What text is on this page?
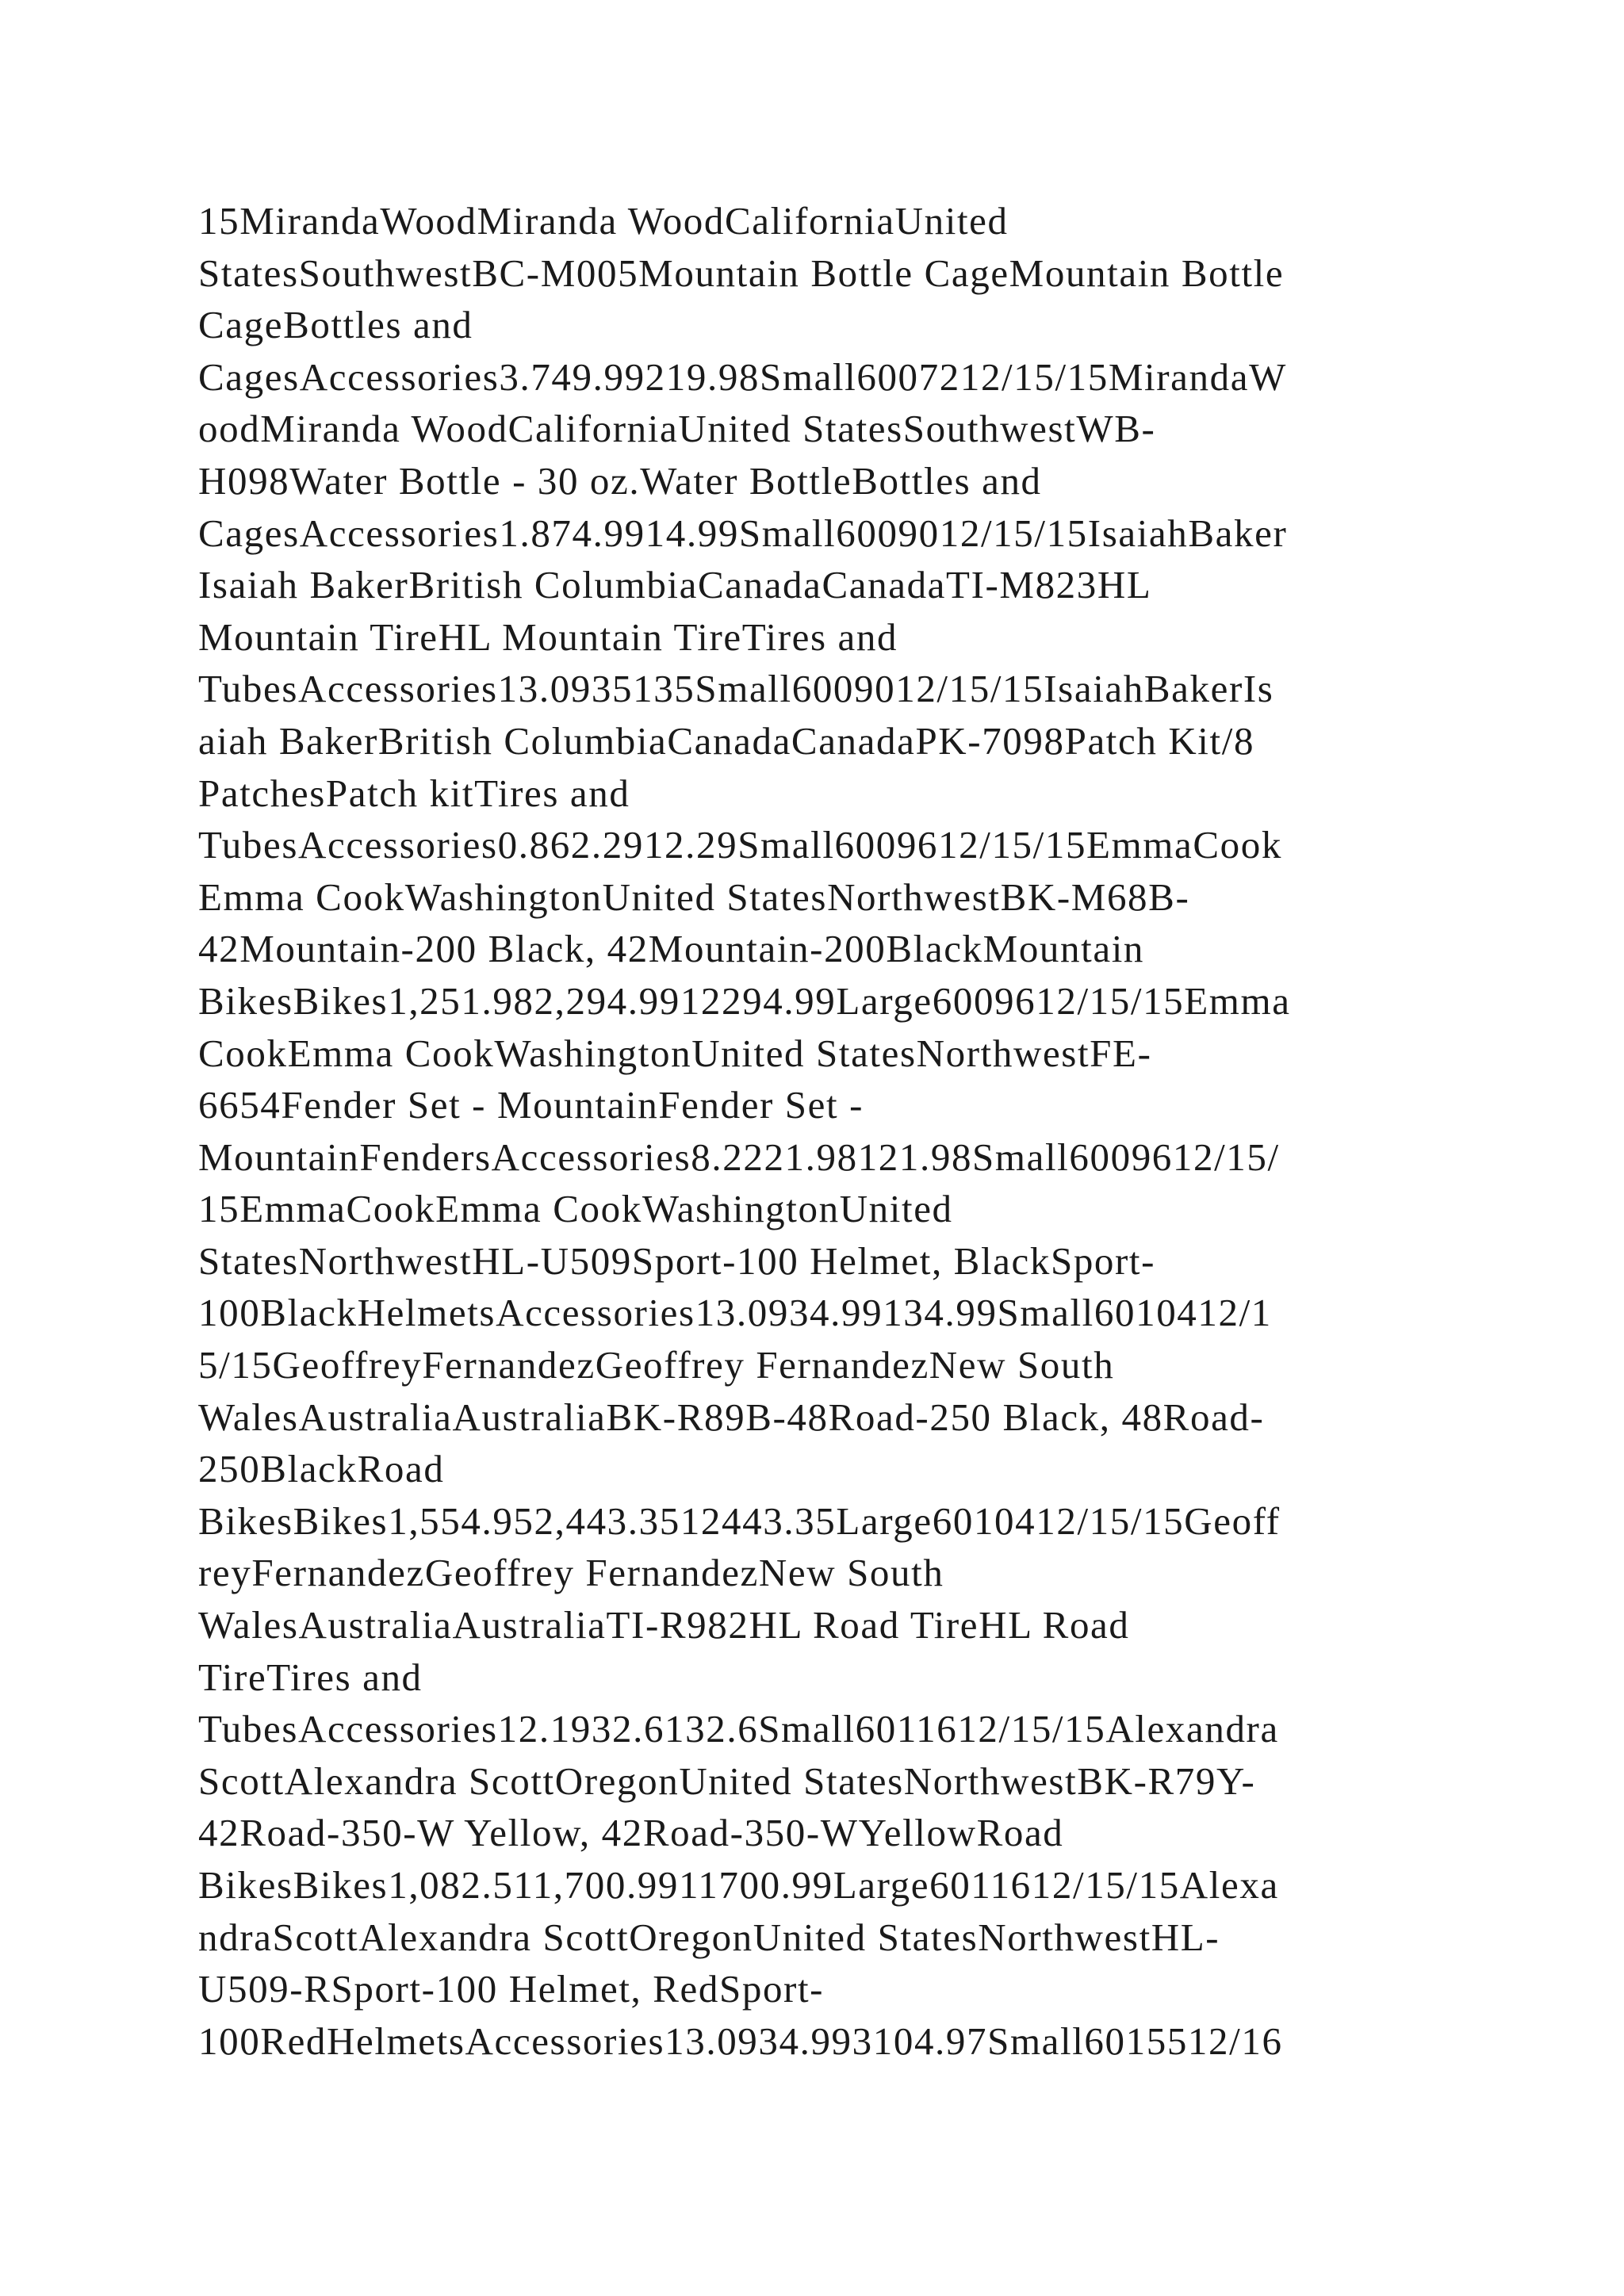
15MirandaWoodMiranda WoodCaliforniaUnited
StatesSouthwestBC-M005Mountain Bottle CageMountain Bottle
CageBottles and
CagesAccessories3.749.99219.98Small6007212/15/15MirandaW
oodMiranda WoodCaliforniaUnited StatesSouthwestWB-
H098Water Bottle - 30 oz.Water BottleBottles and
CagesAccessories1.874.9914.99Small6009012/15/15IsaiahBaker
Isaiah BakerBritish ColumbiaCanadaCanadaTI-M823HL
Mountain TireHL Mountain TireTires and
TubesAccessories13.0935135Small6009012/15/15IsaiahBakerIs
aiah BakerBritish ColumbiaCanadaCanadaPK-7098Patch Kit/8
PatchesPatch kitTires and
TubesAccessories0.862.2912.29Small6009612/15/15EmmaCook
Emma CookWashingtonUnited StatesNorthwestBK-M68B-
42Mountain-200 Black, 42Mountain-200BlackMountain
BikesBikes1,251.982,294.9912294.99Large6009612/15/15Emma
CookEmma CookWashingtonUnited StatesNorthwestFE-
6654Fender Set - MountainFender Set -
MountainFendersAccessories8.2221.98121.98Small6009612/15/
15EmmaCookEmma CookWashingtonUnited
StatesNorthwestHL-U509Sport-100 Helmet, BlackSport-
100BlackHelmetsAccessories13.0934.99134.99Small6010412/1
5/15GeoffreyFernandezGeoffrey FernandezNew South
WalesAustraliaAustraliaBK-R89B-48Road-250 Black, 48Road-
250BlackRoad
BikesBikes1,554.952,443.3512443.35Large6010412/15/15Geoff
reyFernandezGeoffrey FernandezNew South
WalesAustraliaAustraliaTI-R982HL Road TireHL Road
TireTires and
TubesAccessories12.1932.6132.6Small6011612/15/15Alexandra
ScottAlexandra ScottOregonUnited StatesNorthwestBK-R79Y-
42Road-350-W Yellow, 42Road-350-WYellowRoad
BikesBikes1,082.511,700.9911700.99Large6011612/15/15Alexa
ndraScottAlexandra ScottOregonUnited StatesNorthwestHL-
U509-RSport-100 Helmet, RedSport-
100RedHelmetsAccessories13.0934.993104.97Small6015512/16
